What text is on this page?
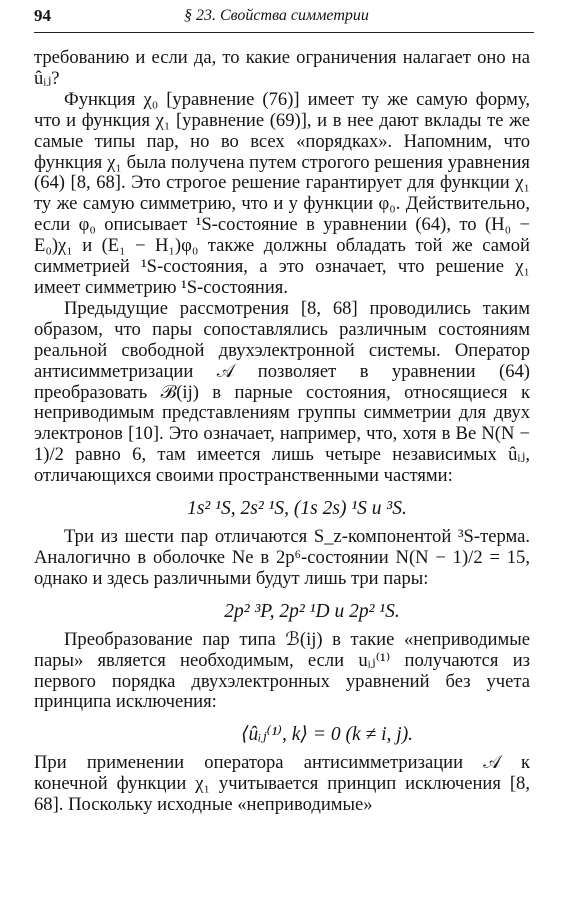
94	§ 23. Свойства симметрии

требованию и если да, то какие ограничения налагает оно на ûᵢⱼ?

Функция χ₀ [уравнение (76)] имеет ту же самую форму, что и функция χ₁ [уравнение (69)], и в нее дают вклады те же самые типы пар, но во всех «порядках». Напомним, что функция χ₁ была получена путем строгого решения уравнения (64) [8, 68]. Это строгое решение гарантирует для функции χ₁ ту же самую симметрию, что и у функции φ₀. Действительно, если φ₀ описывает ¹S-состояние в уравнении (64), то (H₀ − E₀)χ₁ и (E₁ − H₁)φ₀ также должны обладать той же самой симметрией ¹S-состояния, а это означает, что решение χ₁ имеет симметрию ¹S-состояния.

Предыдущие рассмотрения [8, 68] проводились таким образом, что пары сопоставлялись различным состояниям реальной свободной двухэлектронной системы. Оператор антисимметризации 𝒜 позволяет в уравнении (64) преобразовать ℬ(ij) в парные состояния, относящиеся к неприводимым представлениям группы симметрии для двух электронов [10]. Это означает, например, что, хотя в Be N(N − 1)/2 равно 6, там имеется лишь четыре независимых ûᵢⱼ, отличающихся своими пространственными частями:

1s² ¹S, 2s² ¹S, (1s 2s) ¹S и ³S.

Три из шести пар отличаются S_z-компонентой ³S-терма. Аналогично в оболочке Ne в 2p⁶-состоянии N(N − 1)/2 = 15, однако и здесь различными будут лишь три пары:

2p² ³P, 2p² ¹D и 2p² ¹S.

Преобразование пар типа ℬ(ij) в такие «неприводимые пары» является необходимым, если uᵢⱼ⁽¹⁾ получаются из первого порядка двухэлектронных уравнений без учета принципа исключения:

⟨ûᵢⱼ⁽¹⁾, k⟩ = 0 (k ≠ i, j).

При применении оператора антисимметризации 𝒜 к конечной функции χ₁ учитывается принцип исключения [8, 68]. Поскольку исходные «неприводимые»
